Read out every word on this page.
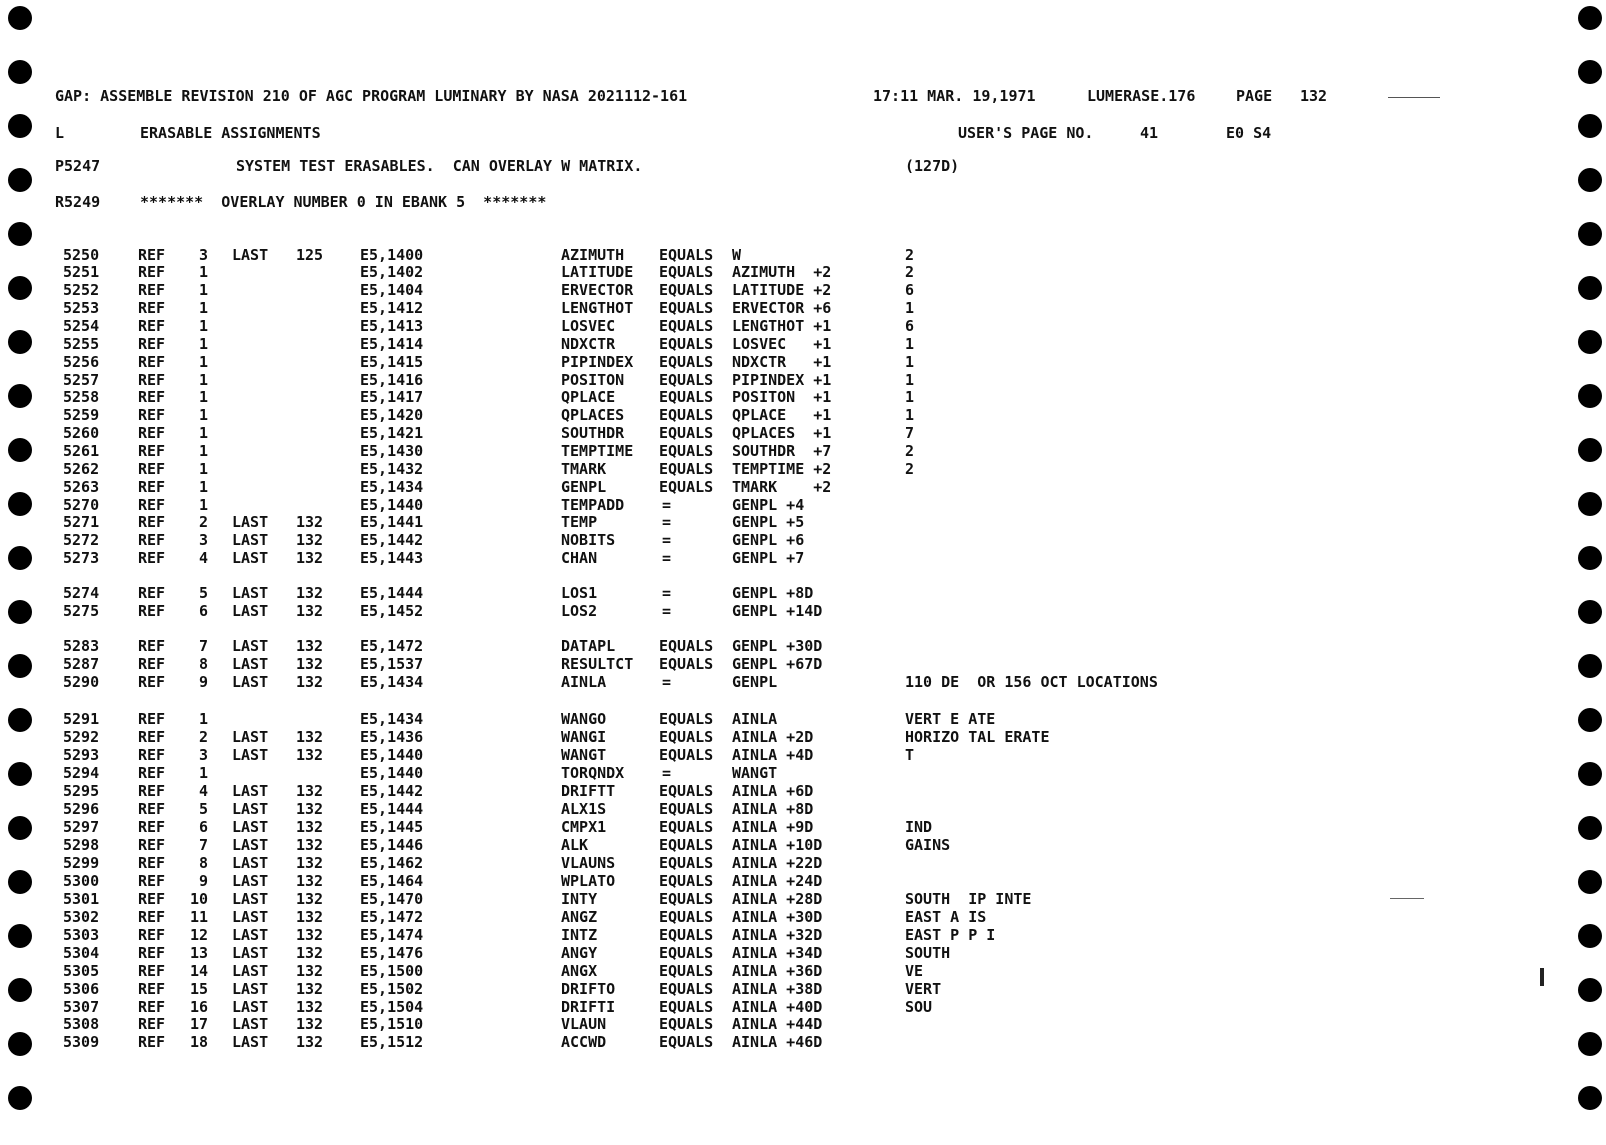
GAP: ASSEMBLE REVISION 210 OF AGC PROGRAM LUMINARY BY NASA 2021112-161	17:11 MAR. 19,1971	LUMERASE.176	PAGE 132
L	ERASABLE ASSIGNMENTS	USER'S PAGE NO.	41	E0 S4
P5247	SYSTEM TEST ERASABLES.  CAN OVERLAY W MATRIX.	(127D)
R5249	*******  OVERLAY NUMBER 0 IN EBANK 5  *******
5250	REF	3 LAST 125 E5,1400	AZIMUTH EQUALS W	2
5251	REF	1	E5,1402	LATITUDE EQUALS AZIMUTH  +2	2
5252	REF	1	E5,1404	ERVECTOR EQUALS LATITUDE +2	6
5253	REF	1	E5,1412	LENGTHOT EQUALS ERVECTOR +6	1
5254	REF	1	E5,1413	LOSVEC	EQUALS LENGTHOT +1	6
5255	REF	1	E5,1414	NDXCTR	EQUALS LOSVEC   +1	1
5256	REF	1	E5,1415	PIPINDEX EQUALS NDXCTR   +1	1
5257	REF	1	E5,1416	POSITON EQUALS PIPINDEX +1	1
5258	REF	1	E5,1417	QPLACE	EQUALS POSITON  +1	1
5259	REF	1	E5,1420	QPLACES EQUALS QPLACE   +1	1
5260	REF	1	E5,1421	SOUTHDR EQUALS QPLACES  +1	7
5261	REF	1	E5,1430	TEMPTIME EQUALS SOUTHDR  +7	2
5262	REF	1	E5,1432	TMARK	EQUALS TEMPTIME +2	2
5263	REF	1	E5,1434	GENPL	EQUALS TMARK    +2
5270	REF	1	E5,1440	TEMPADD	=	GENPL +4
5271	REF	2 LAST 132 E5,1441	TEMP	=	GENPL +5
5272	REF	3 LAST 132 E5,1442	NOBITS	=	GENPL +6
5273	REF	4 LAST 132 E5,1443	CHAN	=	GENPL +7
5274	REF	5 LAST 132 E5,1444	LOS1	=	GENPL +8D
5275	REF	6 LAST 132 E5,1452	LOS2	=	GENPL +14D
5283	REF	7 LAST 132 E5,1472	DATAPL	EQUALS GENPL +30D
5287	REF	8 LAST 132 E5,1537	RESULTCT EQUALS GENPL +67D
5290	REF	9 LAST 132 E5,1434	AINLA	=	GENPL	110 DE  OR 156 OCT LOCATIONS
5291	REF	1	E5,1434	WANGO	EQUALS AINLA	VERT E ATE
5292	REF	2 LAST 132 E5,1436	WANGI	EQUALS AINLA +2D	HORIZO TAL ERATE
5293	REF	3 LAST 132 E5,1440	WANGT	EQUALS AINLA +4D	T
5294	REF	1	E5,1440	TORQNDX	=	WANGT
5295	REF	4 LAST 132 E5,1442	DRIFTT	EQUALS AINLA +6D
5296	REF	5 LAST 132 E5,1444	ALX1S	EQUALS AINLA +8D
5297	REF	6 LAST 132 E5,1445	CMPX1	EQUALS AINLA +9D	IND
5298	REF	7 LAST 132 E5,1446	ALK	EQUALS AINLA +10D	GAINS
5299	REF	8 LAST 132 E5,1462	VLAUNS	EQUALS AINLA +22D
5300	REF	9 LAST 132 E5,1464	WPLATO	EQUALS AINLA +24D
5301	REF	10 LAST 132 E5,1470	INTY	EQUALS AINLA +28D	SOUTH  IP INTE
5302	REF	11 LAST 132 E5,1472	ANGZ	EQUALS AINLA +30D	EAST A IS
5303	REF	12 LAST 132 E5,1474	INTZ	EQUALS AINLA +32D	EAST P P I
5304	REF	13 LAST 132 E5,1476	ANGY	EQUALS AINLA +34D	SOUTH
5305	REF	14 LAST 132 E5,1500	ANGX	EQUALS AINLA +36D	VE
5306	REF	15 LAST 132 E5,1502	DRIFTO	EQUALS AINLA +38D	VERT
5307	REF	16 LAST 132 E5,1504	DRIFTI	EQUALS AINLA +40D	SOU
5308	REF	17 LAST 132 E5,1510	VLAUN	EQUALS AINLA +44D
5309	REF	18 LAST 132 E5,1512	ACCWD	EQUALS AINLA +46D
